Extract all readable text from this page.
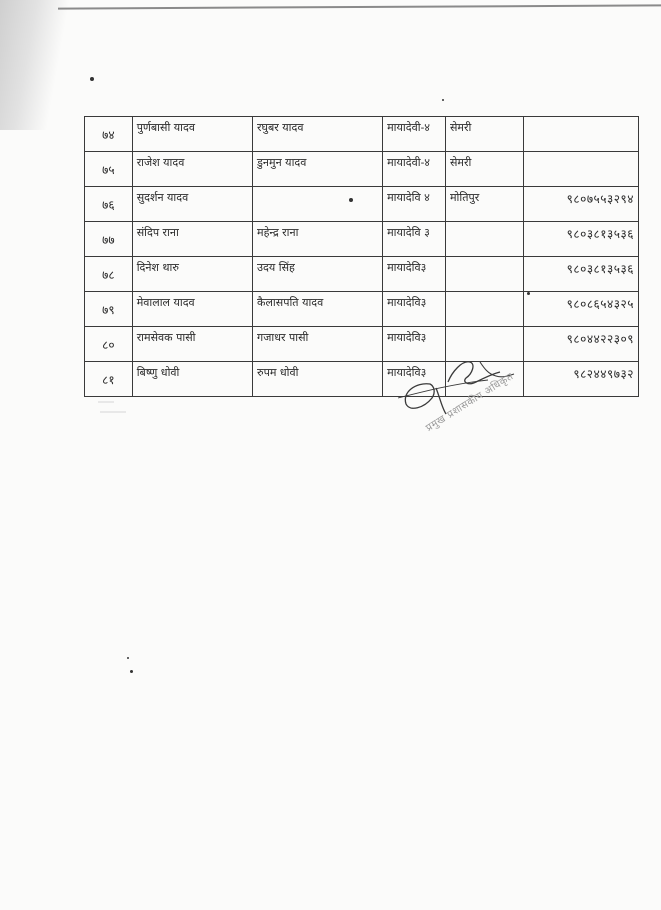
७४	पुर्णबासी यादव	रघुबर यादव	मायादेवी-४	सेमरी	
७५	राजेश यादव	डुनमुन यादव	मायादेवी-४	सेमरी	
७६	सुदर्शन यादव		मायादेवि ४	मोतिपुर	९८०७५५३२९४
७७	संदिप राना	महेन्द्र राना	मायादेवि ३		९८०३८१३५३६
७८	दिनेश थारु	उदय सिंह	मायादेवि३		९८०३८१३५३६
७९	मेवालाल यादव	कैलासपति यादव	मायादेवि३		९८०८६५४३२५
८०	रामसेवक पासी	गजाधर पासी	मायादेवि३		९८०४४२२३०९
८१	बिष्णु धोवी	रुपम धोवी	मायादेवि३		९८२४४९७३२
प्रमुख प्रशासकीय अधिकृत
